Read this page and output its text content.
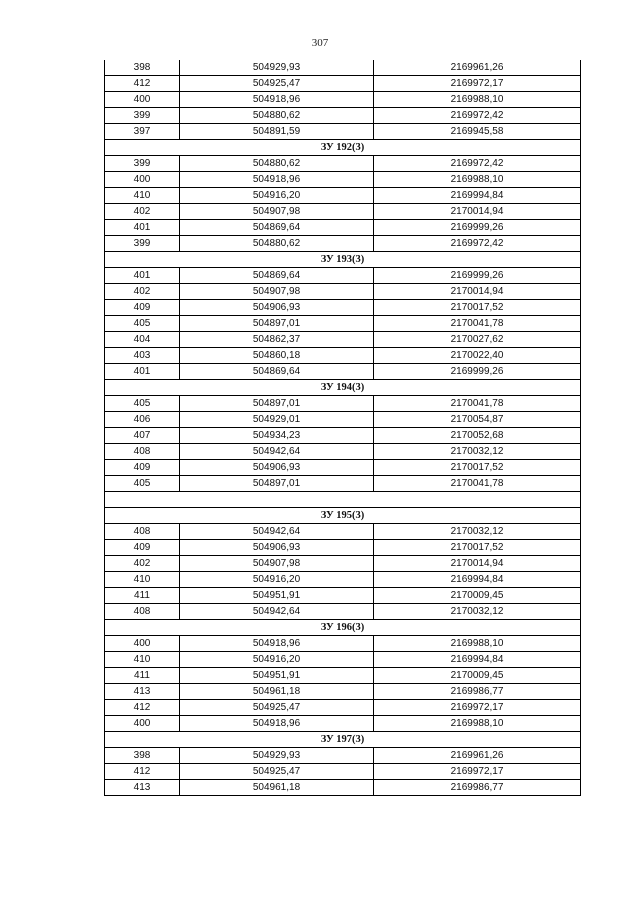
307
398	504929,93	2169961,26
412	504925,47	2169972,17
400	504918,96	2169988,10
399	504880,62	2169972,42
397	504891,59	2169945,58
ЗУ 192(3)		
399	504880,62	2169972,42
400	504918,96	2169988,10
410	504916,20	2169994,84
402	504907,98	2170014,94
401	504869,64	2169999,26
399	504880,62	2169972,42
ЗУ 193(3)		
401	504869,64	2169999,26
402	504907,98	2170014,94
409	504906,93	2170017,52
405	504897,01	2170041,78
404	504862,37	2170027,62
403	504860,18	2170022,40
401	504869,64	2169999,26
ЗУ 194(3)		
405	504897,01	2170041,78
406	504929,01	2170054,87
407	504934,23	2170052,68
408	504942,64	2170032,12
409	504906,93	2170017,52
405	504897,01	2170041,78

ЗУ 195(3)		
408	504942,64	2170032,12
409	504906,93	2170017,52
402	504907,98	2170014,94
410	504916,20	2169994,84
411	504951,91	2170009,45
408	504942,64	2170032,12
ЗУ 196(3)		
400	504918,96	2169988,10
410	504916,20	2169994,84
411	504951,91	2170009,45
413	504961,18	2169986,77
412	504925,47	2169972,17
400	504918,96	2169988,10
ЗУ 197(3)		
398	504929,93	2169961,26
412	504925,47	2169972,17
413	504961,18	2169986,77
